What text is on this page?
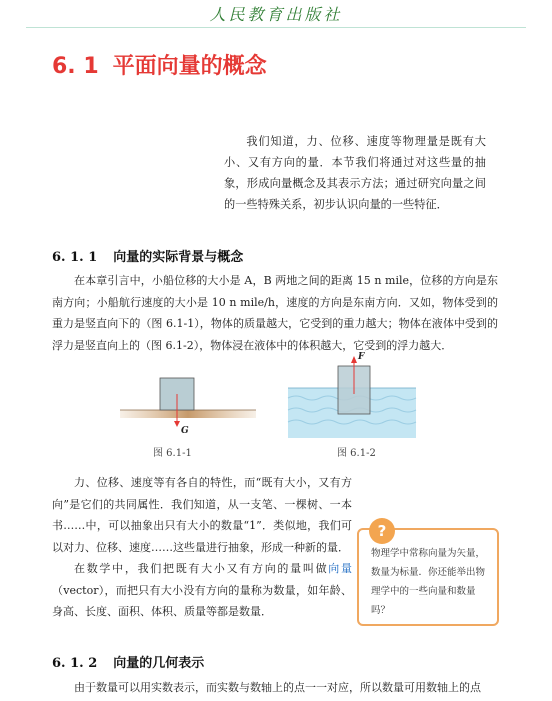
人民教育出版社
6. 1 平面向量的概念

我们知道，力、位移、速度等物理量是既有大小、又有方向的量．本节我们将通过对这些量的抽象，形成向量概念及其表示方法；通过研究向量之间的一些特殊关系，初步认识向量的一些特征．

6. 1. 1 向量的实际背景与概念

在本章引言中，小船位移的大小是 A，B 两地之间的距离 15 n mile，位移的方向是东南方向；小船航行速度的大小是 10 n mile/h，速度的方向是东南方向．又如，物体受到的重力是竖直向下的（图 6.1-1），物体的质量越大，它受到的重力越大；物体在液体中受到的浮力是竖直向上的（图 6.1-2），物体浸在液体中的体积越大，它受到的浮力越大．

G
图 6.1-1
F
图 6.1-2

力、位移、速度等有各自的特性，而“既有大小，又有方向”是它们的共同属性．我们知道，从一支笔、一棵树、一本书……中，可以抽象出只有大小的数量“1”．类似地，我们可以对力、位移、速度……这些量进行抽象，形成一种新的量．

在数学中，我们把既有大小又有方向的量叫做向量（vector），而把只有大小没有方向的量称为数量，如年龄、身高、长度、面积、体积、质量等都是数量．

?
物理学中常称向量为矢量，数量为标量．你还能举出物理学中的一些向量和数量吗？
6. 1. 2 向量的几何表示

由于数量可以用实数表示，而实数与数轴上的点一一对应，所以数量可用数轴上的点
